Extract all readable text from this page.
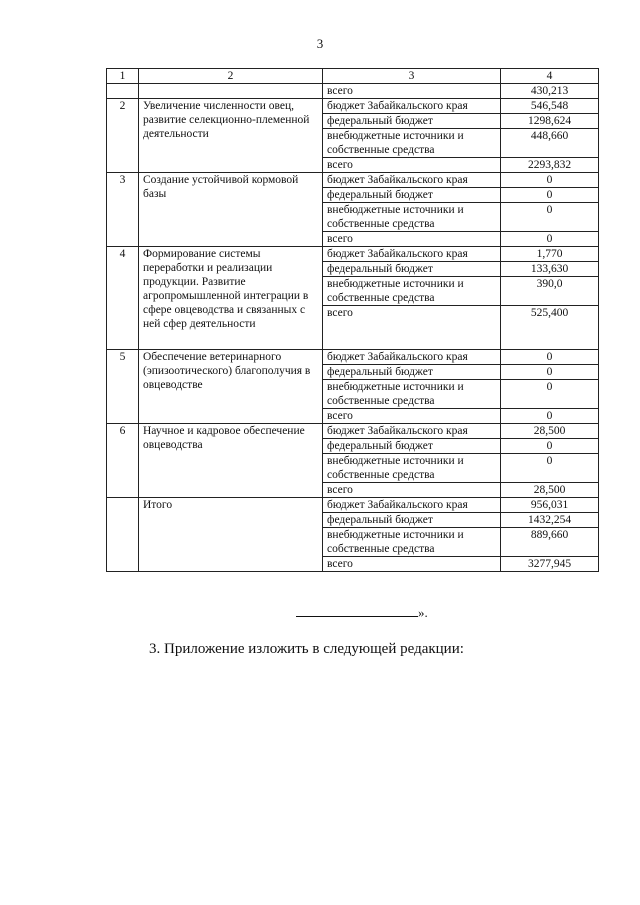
3
1	2	3	4
		всего	430,213
2	Увеличение численности овец, развитие селекционно-племенной деятельности	бюджет Забайкальского края	546,548
		федеральный бюджет	1298,624
		внебюджетные источники и собственные средства	448,660
		всего	2293,832
3	Создание устойчивой кормовой базы	бюджет Забайкальского края	0
		федеральный бюджет	0
		внебюджетные источники и собственные средства	0
		всего	0
4	Формирование системы переработки и реализации продукции. Развитие агропромышленной интеграции в сфере овцеводства и связанных с ней сфер деятельности	бюджет Забайкальского края	1,770
		федеральный бюджет	133,630
		внебюджетные источники и собственные средства	390,0
		всего	525,400
5	Обеспечение ветеринарного (эпизоотического) благополучия в овцеводстве	бюджет Забайкальского края	0
		федеральный бюджет	0
		внебюджетные источники и собственные средства	0
		всего	0
6	Научное и кадровое обеспечение овцеводства	бюджет Забайкальского края	28,500
		федеральный бюджет	0
		внебюджетные источники и собственные средства	0
		всего	28,500
	Итого	бюджет Забайкальского края	956,031
		федеральный бюджет	1432,254
		внебюджетные источники и собственные средства	889,660
		всего	3277,945
».
3. Приложение изложить в следующей редакции:
